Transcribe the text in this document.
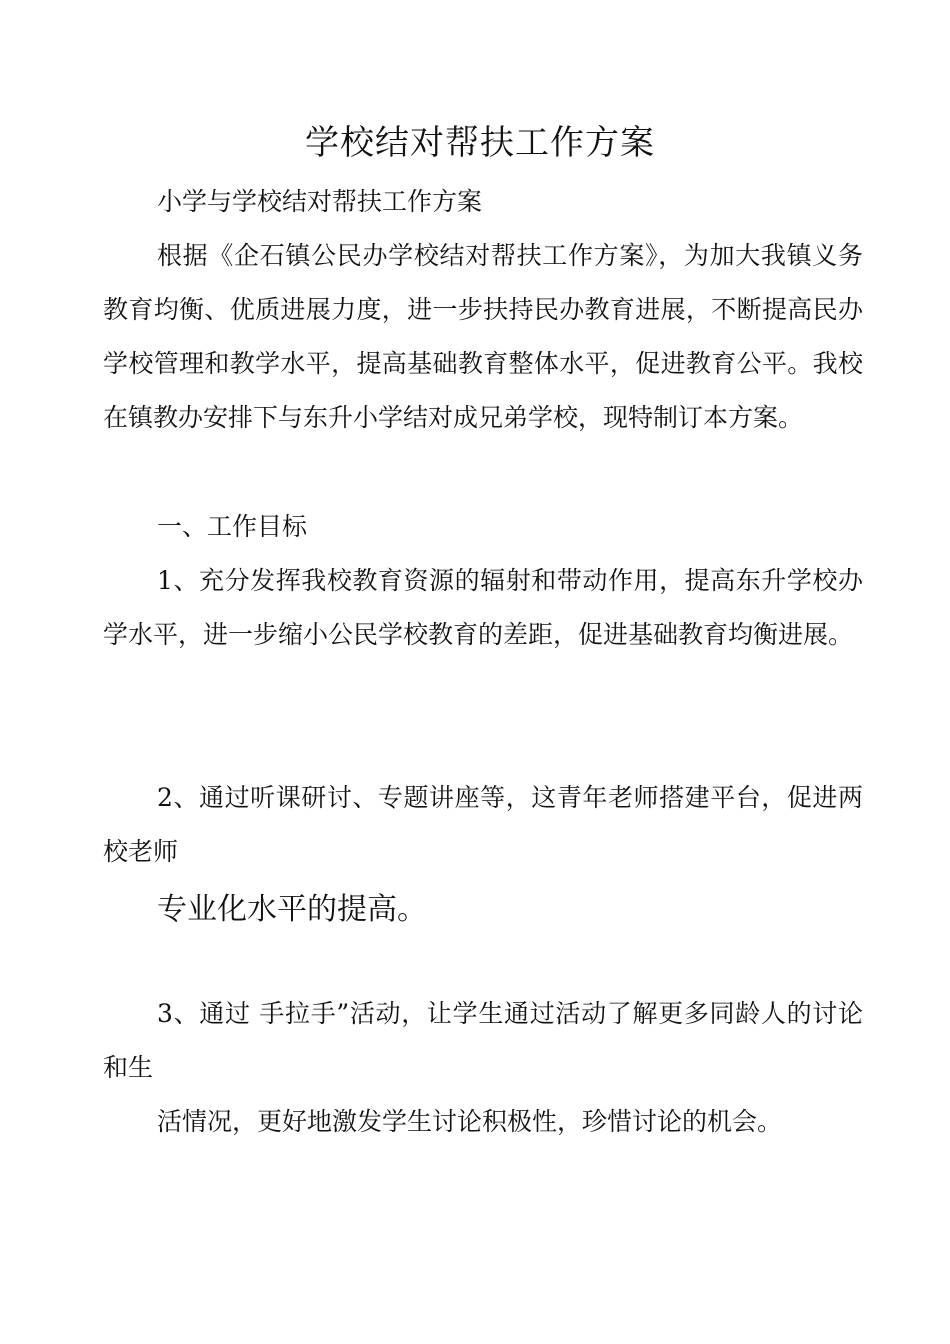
学校结对帮扶工作方案

小学与学校结对帮扶工作方案

根据《企石镇公民办学校结对帮扶工作方案》，为加大我镇义务教育均衡、优质进展力度，进一步扶持民办教育进展，不断提高民办学校管理和教学水平，提高基础教育整体水平，促进教育公平。我校在镇教办安排下与东升小学结对成兄弟学校，现特制订本方案。

一、工作目标

1、充分发挥我校教育资源的辐射和带动作用，提高东升学校办学水平，进一步缩小公民学校教育的差距，促进基础教育均衡进展。

2、通过听课研讨、专题讲座等，这青年老师搭建平台，促进两校老师

专业化水平的提高。

3、通过 手拉手”活动，让学生通过活动了解更多同龄人的讨论和生

活情况，更好地激发学生讨论积极性，珍惜讨论的机会。
